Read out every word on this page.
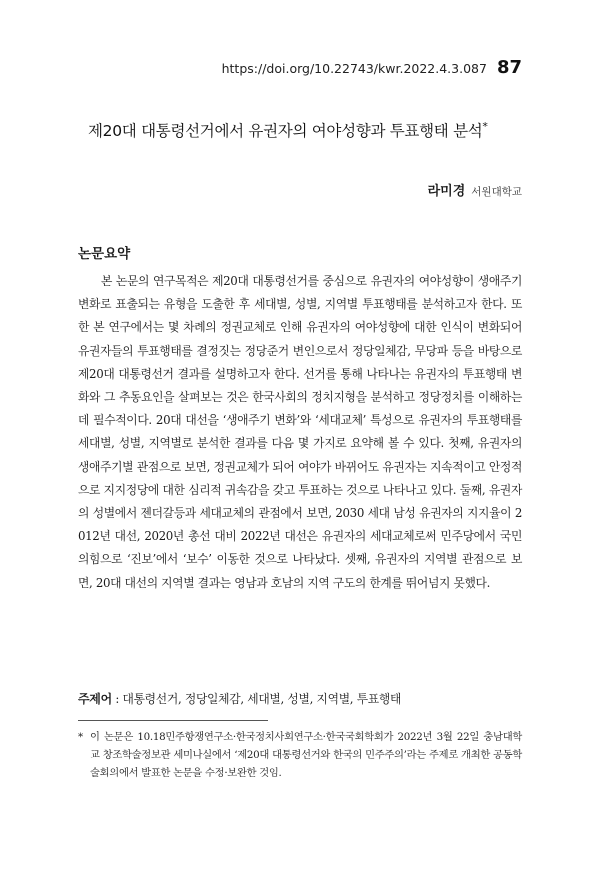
https://doi.org/10.22743/kwr.2022.4.3.087 87
제20대 대통령선거에서 유권자의 여야성향과 투표행태 분석*
라미경 서원대학교
논문요약

본 논문의 연구목적은 제20대 대통령선거를 중심으로 유권자의 여야성향이 생애주기 변화로 표출되는 유형을 도출한 후 세대별, 성별, 지역별 투표행태를 분석하고자 한다. 또한 본 연구에서는 몇 차례의 정권교체로 인해 유권자의 여야성향에 대한 인식이 변화되어 유권자들의 투표행태를 결정짓는 정당준거 변인으로서 정당일체감, 무당파 등을 바탕으로 제20대 대통령선거 결과를 설명하고자 한다. 선거를 통해 나타나는 유권자의 투표행태 변화와 그 추동요인을 살펴보는 것은 한국사회의 정치지형을 분석하고 정당정치를 이해하는 데 필수적이다. 20대 대선을 ‘생애주기 변화’와 ‘세대교체’ 특성으로 유권자의 투표행태를 세대별, 성별, 지역별로 분석한 결과를 다음 몇 가지로 요약해 볼 수 있다. 첫째, 유권자의 생애주기별 관점으로 보면, 정권교체가 되어 여야가 바뀌어도 유권자는 지속적이고 안정적으로 지지정당에 대한 심리적 귀속감을 갖고 투표하는 것으로 나타나고 있다. 둘째, 유권자의 성별에서 젠더갈등과 세대교체의 관점에서 보면, 2030 세대 남성 유권자의 지지율이 2012년 대선, 2020년 총선 대비 2022년 대선은 유권자의 세대교체로써 민주당에서 국민의힘으로 ‘진보’에서 ‘보수’ 이동한 것으로 나타났다. 셋째, 유권자의 지역별 관점으로 보면, 20대 대선의 지역별 결과는 영남과 호남의 지역 구도의 한계를 뛰어넘지 못했다.

주제어 : 대통령선거, 정당일체감, 세대별, 성별, 지역별, 투표행태
* 이 논문은 10.18민주항쟁연구소·한국정치사회연구소·한국국회학회가 2022년 3월 22일 충남대학교 창조학술정보관 세미나실에서 ‘제20대 대통령선거와 한국의 민주주의’라는 주제로 개최한 공동학술회의에서 발표한 논문을 수정·보완한 것임.
